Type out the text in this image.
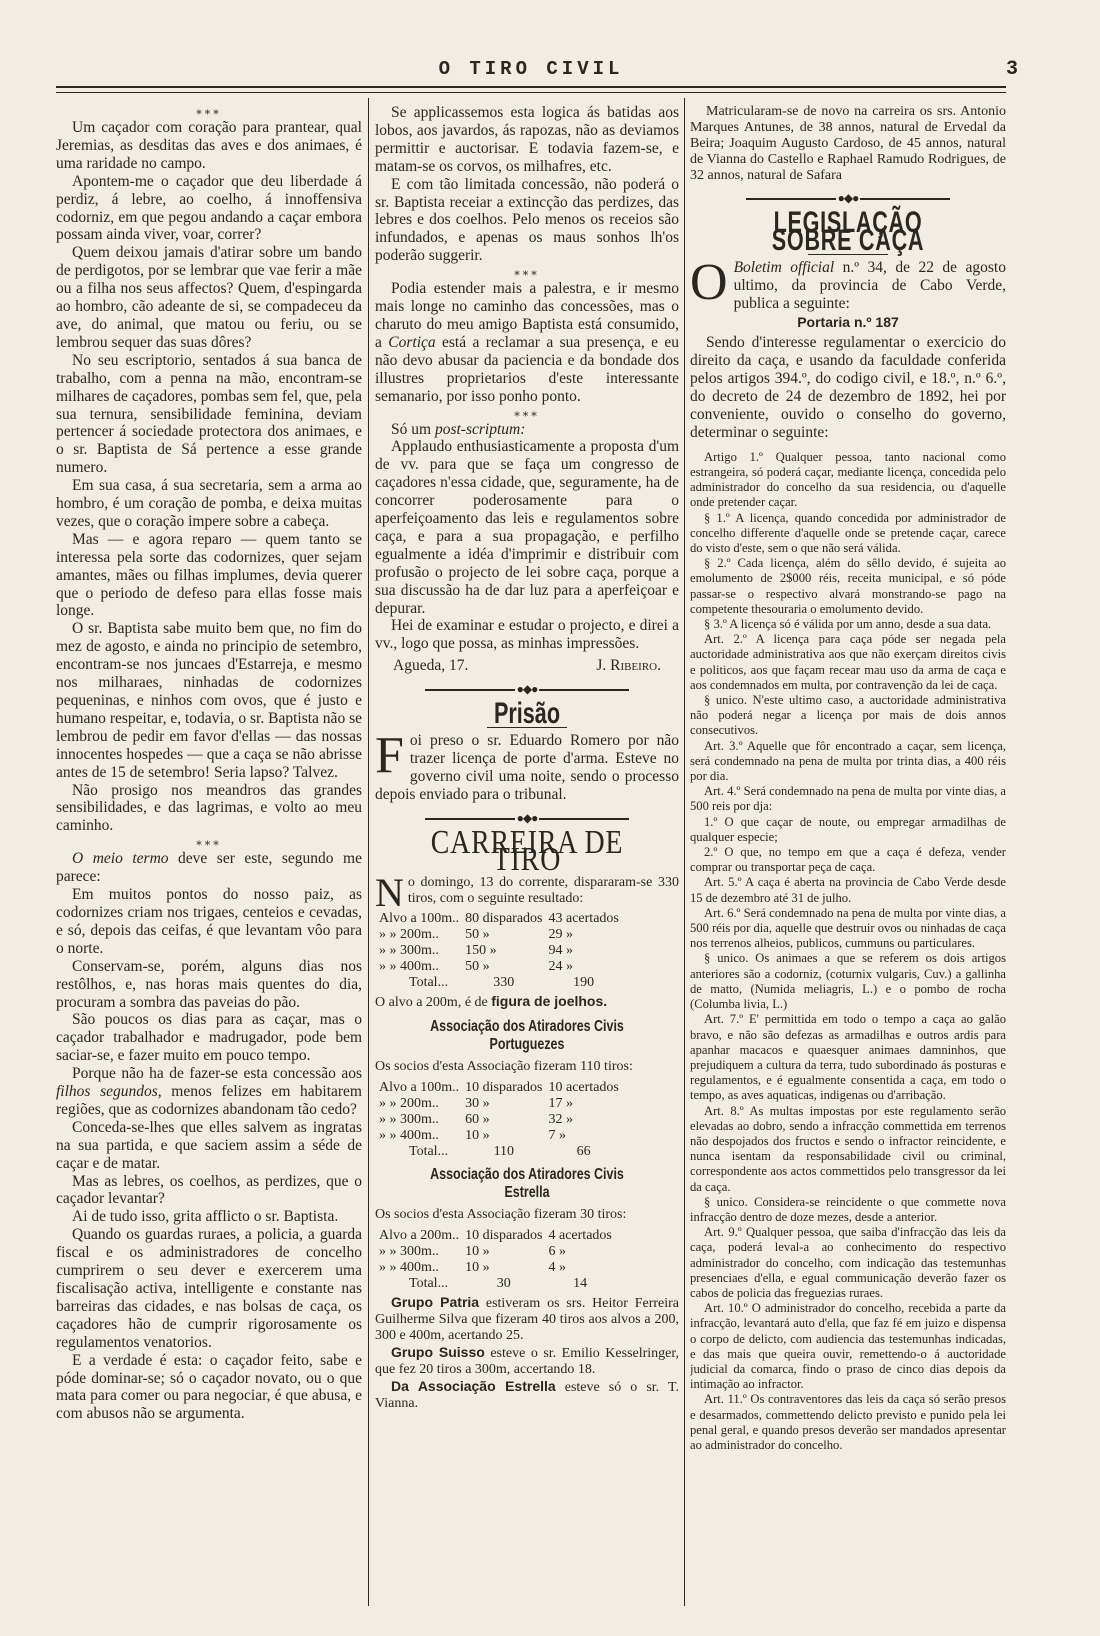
O TIRO CIVIL	3
⁎⁎⁎

Um caçador com coração para prantear, qual Jeremias, as desditas das aves e dos animaes, é uma raridade no campo.

Apontem-me o caçador que deu liberdade á perdiz, á lebre, ao coelho, á innoffensiva codorniz, em que pegou andando a caçar embora possam ainda viver, voar, correr?

Quem deixou jamais d'atirar sobre um bando de perdigotos, por se lembrar que vae ferir a mãe ou a filha nos seus affectos? Quem, d'espingarda ao hombro, cão adeante de si, se compadeceu da ave, do animal, que matou ou feriu, ou se lembrou sequer das suas dôres?

No seu escriptorio, sentados á sua banca de trabalho, com a penna na mão, encontram-se milhares de caçadores, pombas sem fel, que, pela sua ternura, sensibilidade feminina, deviam pertencer á sociedade protectora dos animaes, e o sr. Baptista de Sá pertence a esse grande numero.

Em sua casa, á sua secretaria, sem a arma ao hombro, é um coração de pomba, e deixa muitas vezes, que o coração impere sobre a cabeça.

Mas — e agora reparo — quem tanto se interessa pela sorte das codornizes, quer sejam amantes, mães ou filhas implumes, devia querer que o periodo de defeso para ellas fosse mais longe.

O sr. Baptista sabe muito bem que, no fim do mez de agosto, e ainda no principio de setembro, encontram-se nos juncaes d'Estarreja, e mesmo nos milharaes, ninhadas de codornizes pequeninas, e ninhos com ovos, que é justo e humano respeitar, e, todavia, o sr. Baptista não se lembrou de pedir em favor d'ellas — das nossas innocentes hospedes — que a caça se não abrisse antes de 15 de setembro! Seria lapso? Talvez.

Não prosigo nos meandros das grandes sensibilidades, e das lagrimas, e volto ao meu caminho.

⁎⁎⁎

O meio termo deve ser este, segundo me parece:

Em muitos pontos do nosso paiz, as codornizes criam nos trigaes, centeios e cevadas, e só, depois das ceifas, é que levantam vôo para o norte.

Conservam-se, porém, alguns dias nos restôlhos, e, nas horas mais quentes do dia, procuram a sombra das paveias do pão.

São poucos os dias para as caçar, mas o caçador trabalhador e madrugador, pode bem saciar-se, e fazer muito em pouco tempo.

Porque não ha de fazer-se esta concessão aos filhos segundos, menos felizes em habitarem regiões, que as codornizes abandonam tão cedo?

Conceda-se-lhes que elles salvem as ingratas na sua partida, e que saciem assim a séde de caçar e de matar.

Mas as lebres, os coelhos, as perdizes, que o caçador levantar?

Ai de tudo isso, grita afflicto o sr. Baptista.

Quando os guardas ruraes, a policia, a guarda fiscal e os administradores de concelho cumprirem o seu dever e exercerem uma fiscalisação activa, intelligente e constante nas barreiras das cidades, e nas bolsas de caça, os caçadores hão de cumprir rigorosamente os regulamentos venatorios.

E a verdade é esta: o caçador feito, sabe e póde dominar-se; só o caçador novato, ou o que mata para comer ou para negociar, é que abusa, e com abusos não se argumenta.

Se applicassemos esta logica ás batidas aos lobos, aos javardos, ás rapozas, não as deviamos permittir e auctorisar. E todavia fazem-se, e matam-se os corvos, os milhafres, etc.

E com tão limitada concessão, não poderá o sr. Baptista receiar a extincção das perdizes, das lebres e dos coelhos. Pelo menos os receios são infundados, e apenas os maus sonhos lh'os poderão suggerir.

⁎⁎⁎

Podia estender mais a palestra, e ir mesmo mais longe no caminho das concessões, mas o charuto do meu amigo Baptista está consumido, a Cortiça está a reclamar a sua presença, e eu não devo abusar da paciencia e da bondade dos illustres proprietarios d'este interessante semanario, por isso ponho ponto.

⁎⁎⁎

Só um post-scriptum:

Applaudo enthusiasticamente a proposta d'um de vv. para que se faça um congresso de caçadores n'essa cidade, que, seguramente, ha de concorrer poderosamente para o aperfeiçoamento das leis e regulamentos sobre caça, e para a sua propagação, e perfilho egualmente a idéa d'imprimir e distribuir com profusão o projecto de lei sobre caça, porque a sua discussão ha de dar luz para a aperfeiçoar e depurar.

Hei de examinar e estudar o projecto, e direi a vv., logo que possa, as minhas impressões.

Agueda, 17.	J. Ribeiro.
●◆●
Prisão

Foi preso o sr. Eduardo Romero por não trazer licença de porte d'arma. Esteve no governo civil uma noite, sendo o processo depois enviado para o tribunal.

●◆●
CARREIRA DE TIRO

No domingo, 13 do corrente, dispararam-se 330 tiros, com o seguinte resultado:

Alvo a 100m..	80 disparados	43 acertados
» » 200m..	50 »	29 »
» » 300m..	150 »	94 »
» » 400m..	50 »	24 »
Total...	330	190

O alvo a 200m, é de figura de joelhos.

Associação dos Atiradores Civis Portuguezes

Os socios d'esta Associação fizeram 110 tiros:

Alvo a 100m..	10 disparados	10 acertados
» » 200m..	30 »	17 »
» » 300m..	60 »	32 »
» » 400m..	10 »	7 »
Total...	110	66
Associação dos Atiradores Civis Estrella

Os socios d'esta Associação fizeram 30 tiros:

Alvo a 200m..	10 disparados	4 acertados
» » 300m..	10 »	6 »
» » 400m..	10 »	4 »
Total...	30	14

Grupo Patria estiveram os srs. Heitor Ferreira Guilherme Silva que fizeram 40 tiros aos alvos a 200, 300 e 400m, acertando 25.

Grupo Suisso esteve o sr. Emilio Kesselringer, que fez 20 tiros a 300m, accertando 18.

Da Associação Estrella esteve só o sr. T. Vianna.

Matricularam-se de novo na carreira os srs. Antonio Marques Antunes, de 38 annos, natural de Ervedal da Beira; Joaquim Augusto Cardoso, de 45 annos, natural de Vianna do Castello e Raphael Ramudo Rodrigues, de 32 annos, natural de Safara

●◆●
LEGISLAÇÃO SOBRE CAÇA

O Boletim official n.º 34, de 22 de agosto ultimo, da provincia de Cabo Verde, publica a seguinte:

Portaria n.º 187

Sendo d'interesse regulamentar o exercicio do direito da caça, e usando da faculdade conferida pelos artigos 394.º, do codigo civil, e 18.º, n.º 6.º, do decreto de 24 de dezembro de 1892, hei por conveniente, ouvido o conselho do governo, determinar o seguinte:

Artigo 1.º Qualquer pessoa, tanto nacional como estrangeira, só poderá caçar, mediante licença, concedida pelo administrador do concelho da sua residencia, ou d'aquelle onde pretender caçar.

§ 1.º A licença, quando concedida por administrador de concelho differente d'aquelle onde se pretende caçar, carece do visto d'este, sem o que não será válida.

§ 2.º Cada licença, além do sêllo devido, é sujeita ao emolumento de 2$000 réis, receita municipal, e só póde passar-se o respectivo alvará monstrando-se pago na competente thesouraria o emolumento devido.

§ 3.º A licença só é válida por um anno, desde a sua data.

Art. 2.º A licença para caça póde ser negada pela auctoridade administrativa aos que não exerçam direitos civis e politicos, aos que façam recear mau uso da arma de caça e aos condemnados em multa, por contravenção da lei de caça.

§ unico. N'este ultimo caso, a auctoridade administrativa não poderá negar a licença por mais de dois annos consecutivos.

Art. 3.º Aquelle que fôr encontrado a caçar, sem licença, será condemnado na pena de multa por trinta dias, a 400 réis por dia.

Art. 4.º Será condemnado na pena de multa por vinte dias, a 500 reis por dja:

1.º O que caçar de noute, ou empregar armadilhas de qualquer especie;

2.º O que, no tempo em que a caça é defeza, vender comprar ou transportar peça de caça.

Art. 5.º A caça é aberta na provincia de Cabo Verde desde 15 de dezembro até 31 de julho.

Art. 6.º Será condemnado na pena de multa por vinte dias, a 500 réis por dia, aquelle que destruir ovos ou ninhadas de caça nos terrenos alheios, publicos, cummuns ou particulares.

§ unico. Os animaes a que se referem os dois artigos anteriores são a codorniz, (coturnix vulgaris, Cuv.) a gallinha de matto, (Numida meliagris, L.) e o pombo de rocha (Columba livia, L.)

Art. 7.º E' permittida em todo o tempo a caça ao galão bravo, e não são defezas as armadilhas e outros ardis para apanhar macacos e quaesquer animaes damninhos, que prejudiquem a cultura da terra, tudo subordinado ás posturas e regulamentos, e é egualmente consentida a caça, em todo o tempo, as aves aquaticas, indigenas ou d'arribação.

Art. 8.º As multas impostas por este regulamento serão elevadas ao dobro, sendo a infracção commettida em terrenos não despojados dos fructos e sendo o infractor reincidente, e nunca isentam da responsabilidade civil ou criminal, correspondente aos actos commettidos pelo transgressor da lei da caça.

§ unico. Considera-se reincidente o que commette nova infracção dentro de doze mezes, desde a anterior.

Art. 9.º Qualquer pessoa, que saiba d'infracção das leis da caça, poderá leval-a ao conhecimento do respectivo administrador do concelho, com indicação das testemunhas presenciaes d'ella, e egual communicação deverão fazer os cabos de policia das freguezias ruraes.

Art. 10.º O administrador do concelho, recebida a parte da infracção, levantará auto d'ella, que faz fé em juizo e dispensa o corpo de delicto, com audiencia das testemunhas indicadas, e das mais que queira ouvir, remettendo-o á auctoridade judicial da comarca, findo o praso de cinco dias depois da intimação ao infractor.

Art. 11.º Os contraventores das leis da caça só serão presos e desarmados, commettendo delicto previsto e punido pela lei penal geral, e quando presos deverão ser mandados apresentar ao administrador do concelho.
